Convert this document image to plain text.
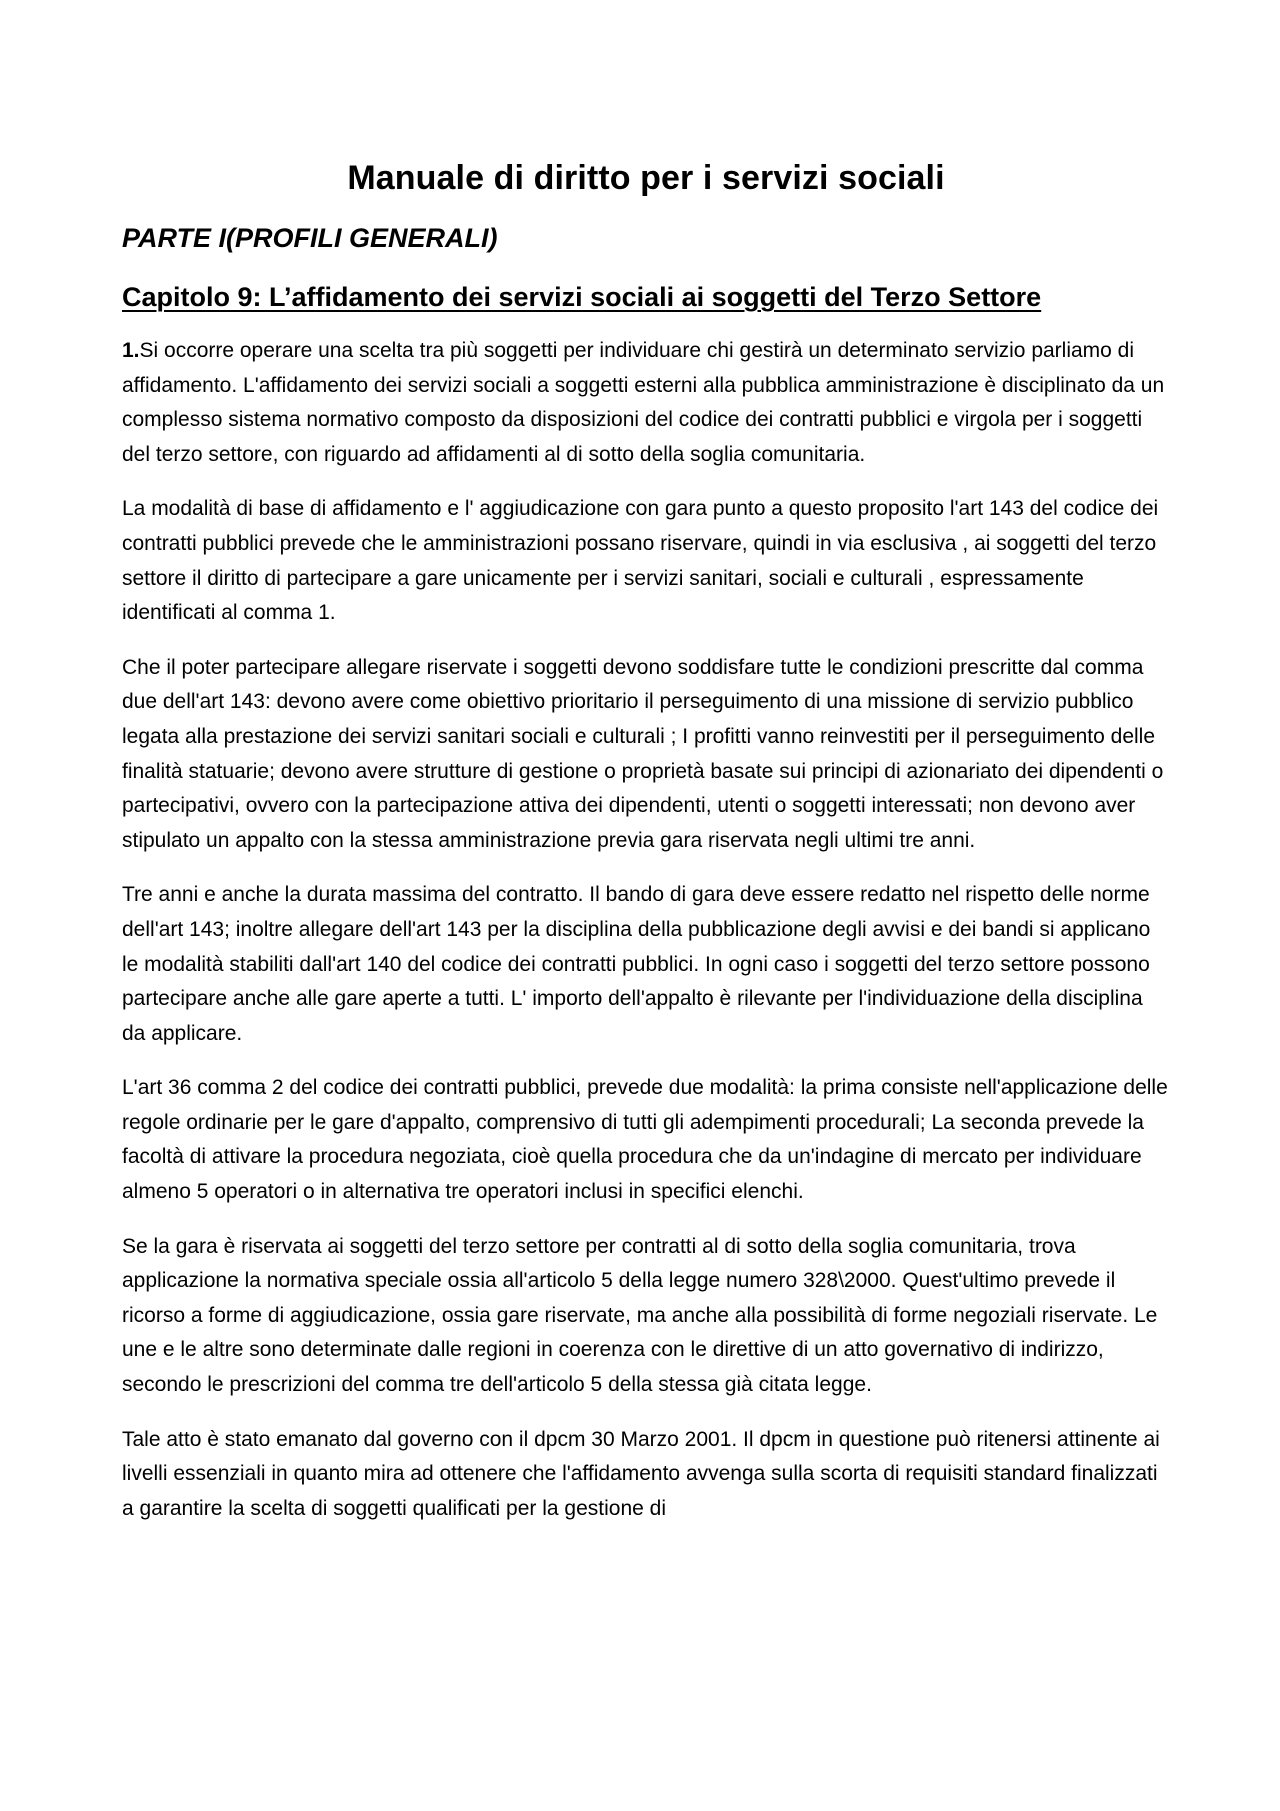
Manuale di diritto per i servizi sociali
PARTE I(PROFILI GENERALI)
Capitolo 9: L’affidamento dei servizi sociali ai soggetti del Terzo Settore

1.Si occorre operare una scelta tra più soggetti per individuare chi gestirà un determinato servizio parliamo di affidamento. L'affidamento dei servizi sociali a soggetti esterni alla pubblica amministrazione è disciplinato da un complesso sistema normativo composto da disposizioni del codice dei contratti pubblici e virgola per i soggetti del terzo settore, con riguardo ad affidamenti al di sotto della soglia comunitaria.

La modalità di base di affidamento e l' aggiudicazione con gara punto a questo proposito l'art 143 del codice dei contratti pubblici prevede che le amministrazioni possano riservare, quindi in via esclusiva , ai soggetti del terzo settore il diritto di partecipare a gare unicamente per i servizi sanitari, sociali e culturali , espressamente identificati al comma 1.

Che il poter partecipare allegare riservate i soggetti devono soddisfare tutte le condizioni prescritte dal comma due dell'art 143: devono avere come obiettivo prioritario il perseguimento di una missione di servizio pubblico legata alla prestazione dei servizi sanitari sociali e culturali ; I profitti vanno reinvestiti per il perseguimento delle finalità statuarie; devono avere strutture di gestione o proprietà basate sui principi di azionariato dei dipendenti o partecipativi, ovvero con la partecipazione attiva dei dipendenti, utenti o soggetti interessati; non devono aver stipulato un appalto con la stessa amministrazione previa gara riservata negli ultimi tre anni.

Tre anni e anche la durata massima del contratto. Il bando di gara deve essere redatto nel rispetto delle norme dell'art 143; inoltre allegare dell'art 143 per la disciplina della pubblicazione degli avvisi e dei bandi si applicano le modalità stabiliti dall'art 140 del codice dei contratti pubblici. In ogni caso i soggetti del terzo settore possono partecipare anche alle gare aperte a tutti. L' importo dell'appalto è rilevante per l'individuazione della disciplina da applicare.

L'art 36 comma 2 del codice dei contratti pubblici, prevede due modalità: la prima consiste nell'applicazione delle regole ordinarie per le gare d'appalto, comprensivo di tutti gli adempimenti procedurali; La seconda prevede la facoltà di attivare la procedura negoziata, cioè quella procedura che da un'indagine di mercato per individuare almeno 5 operatori o in alternativa tre operatori inclusi in specifici elenchi.

Se la gara è riservata ai soggetti del terzo settore per contratti al di sotto della soglia comunitaria, trova applicazione la normativa speciale ossia all'articolo 5 della legge numero 328\2000. Quest'ultimo prevede il ricorso a forme di aggiudicazione, ossia gare riservate, ma anche alla possibilità di forme negoziali riservate. Le une e le altre sono determinate dalle regioni in coerenza con le direttive di un atto governativo di indirizzo, secondo le prescrizioni del comma tre dell'articolo 5 della stessa già citata legge.

Tale atto è stato emanato dal governo con il dpcm 30 Marzo 2001. Il dpcm in questione può ritenersi attinente ai livelli essenziali in quanto mira ad ottenere che l'affidamento avvenga sulla scorta di requisiti standard finalizzati a garantire la scelta di soggetti qualificati per la gestione di
